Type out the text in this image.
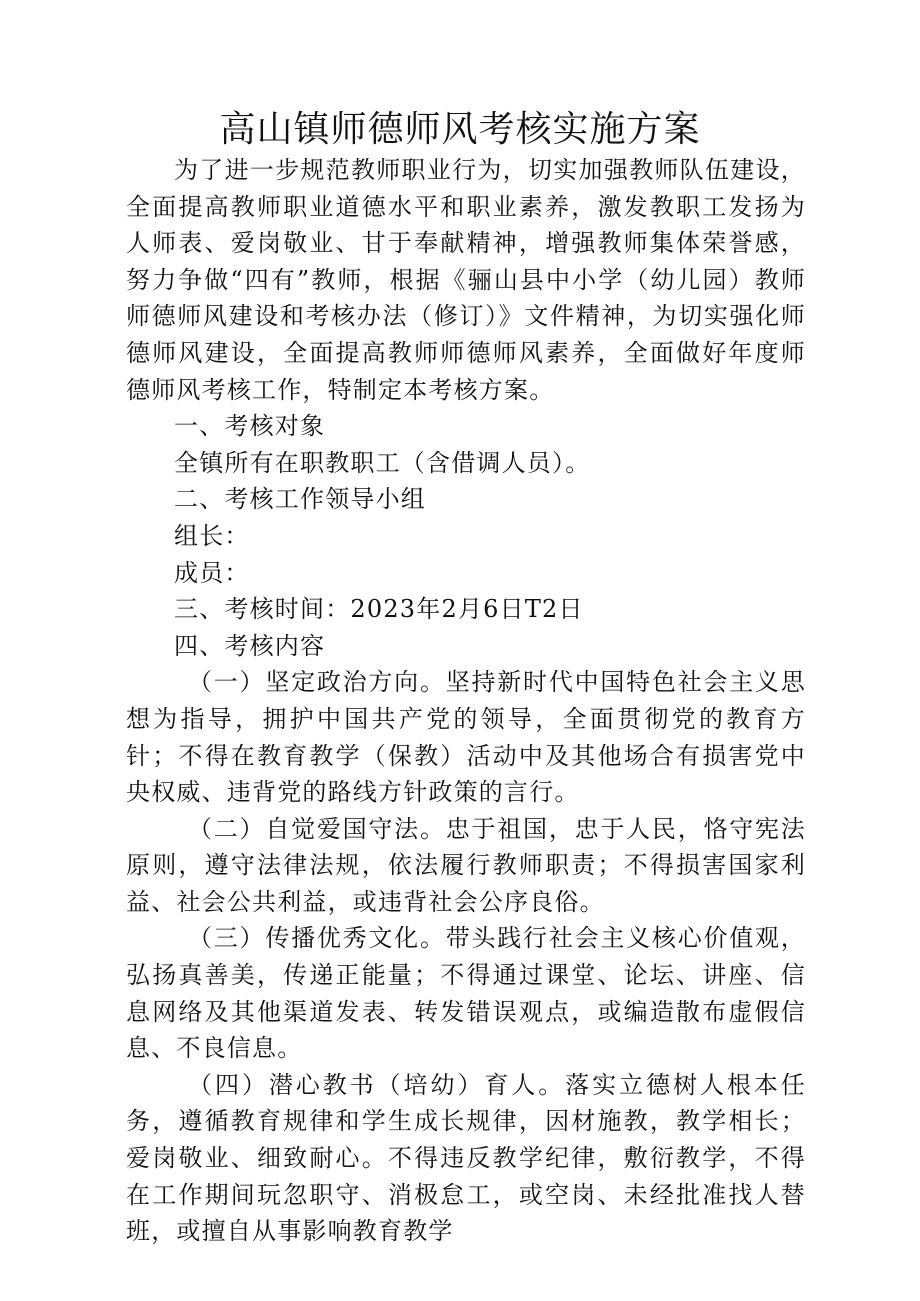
高山镇师德师风考核实施方案

为了进一步规范教师职业行为，切实加强教师队伍建设，全面提高教师职业道德水平和职业素养，激发教职工发扬为人师表、爱岗敬业、甘于奉献精神，增强教师集体荣誉感，努力争做“四有”教师，根据《骊山县中小学（幼儿园）教师师德师风建设和考核办法（修订）》文件精神，为切实强化师德师风建设，全面提高教师师德师风素养，全面做好年度师德师风考核工作，特制定本考核方案。

一、考核对象

全镇所有在职教职工（含借调人员）。

二、考核工作领导小组

组长：

成员：

三、考核时间：2023年2月6日T2日

四、考核内容

（一）坚定政治方向。坚持新时代中国特色社会主义思想为指导，拥护中国共产党的领导，全面贯彻党的教育方针；不得在教育教学（保教）活动中及其他场合有损害党中央权威、违背党的路线方针政策的言行。

（二）自觉爱国守法。忠于祖国，忠于人民，恪守宪法原则，遵守法律法规，依法履行教师职责；不得损害国家利益、社会公共利益，或违背社会公序良俗。

（三）传播优秀文化。带头践行社会主义核心价值观，弘扬真善美，传递正能量；不得通过课堂、论坛、讲座、信息网络及其他渠道发表、转发错误观点，或编造散布虚假信息、不良信息。

（四）潜心教书（培幼）育人。落实立德树人根本任务，遵循教育规律和学生成长规律，因材施教，教学相长；爱岗敬业、细致耐心。不得违反教学纪律，敷衍教学，不得在工作期间玩忽职守、消极怠工，或空岗、未经批准找人替班，或擅自从事影响教育教学
